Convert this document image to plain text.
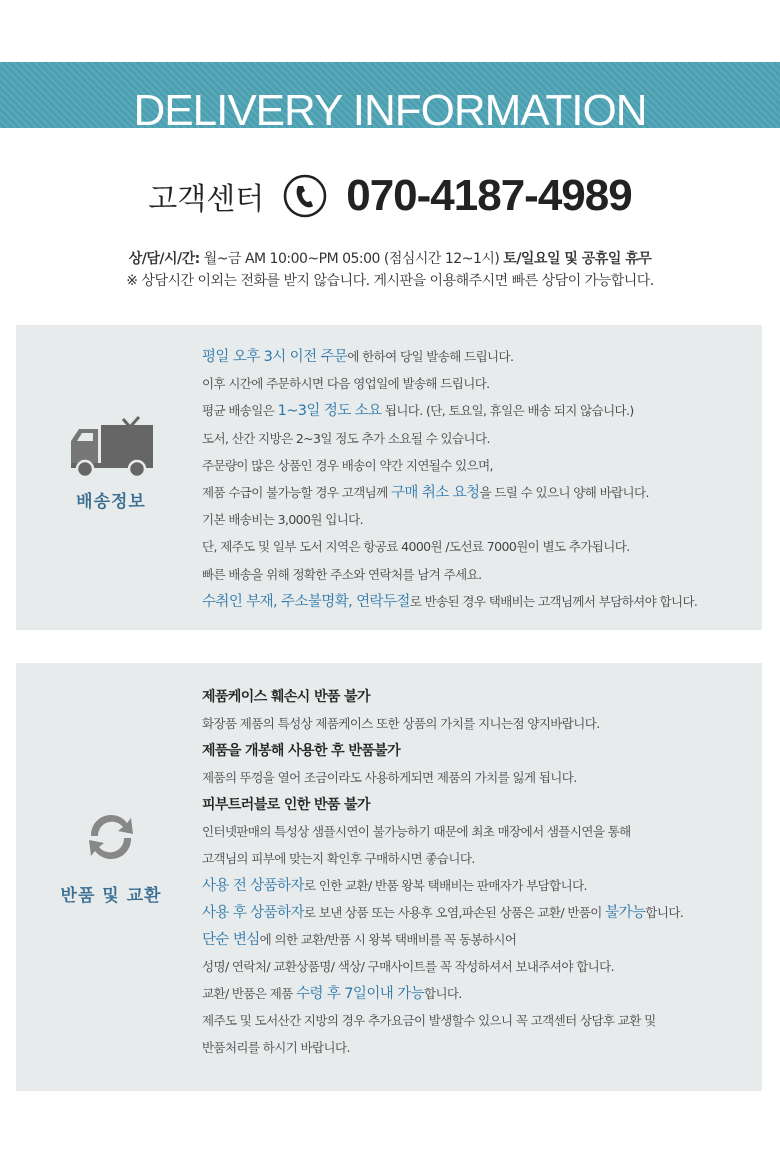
DELIVERY INFORMATION
고객센터 070-4187-4989
상/담/시/간: 월~금 AM 10:00~PM 05:00 (점심시간 12~1시) 토/일요일 및 공휴일 휴무
※ 상담시간 이외는 전화를 받지 않습니다. 게시판을 이용해주시면 빠른 상담이 가능합니다.
배송정보
평일 오후 3시 이전 주문에 한하여 당일 발송해 드립니다.
이후 시간에 주문하시면 다음 영업일에 발송해 드립니다.
평균 배송일은 1~3일 정도 소요 됩니다. (단, 토요일, 휴일은 배송 되지 않습니다.)
도서, 산간 지방은 2~3일 정도 추가 소요될 수 있습니다.
주문량이 많은 상품인 경우 배송이 약간 지연될수 있으며,
제품 수급이 불가능할 경우 고객님께 구매 취소 요청을 드릴 수 있으니 양해 바랍니다.
기본 배송비는 3,000원 입니다.
단, 제주도 및 일부 도서 지역은 항공료 4000원 /도선료 7000원이 별도 추가됩니다.
빠른 배송을 위해 정확한 주소와 연락처를 남겨 주세요.
수취인 부재, 주소불명확, 연락두절로 반송된 경우 택배비는 고객님께서 부담하셔야 합니다.
반품 및 교환
제품케이스 훼손시 반품 불가
화장품 제품의 특성상 제품케이스 또한 상품의 가치를 지니는점 양지바랍니다.
제품을 개봉해 사용한 후 반품불가
제품의 뚜껑을 열어 조금이라도 사용하게되면 제품의 가치를 잃게 됩니다.
피부트러블로 인한 반품 불가
인터넷판매의 특성상 샘플시연이 불가능하기 때문에 최초 매장에서 샘플시연을 통해
고객님의 피부에 맞는지 확인후 구매하시면 좋습니다.
사용 전 상품하자로 인한 교환/ 반품 왕복 택배비는 판매자가 부담합니다.
사용 후 상품하자로 보낸 상품 또는 사용후 오염,파손된 상품은 교환/ 반품이 불가능합니다.
단순 변심에 의한 교환/반품 시 왕복 택배비를 꼭 동봉하시어
성명/ 연락처/ 교환상품명/ 색상/ 구매사이트를 꼭 작성하셔서 보내주셔야 합니다.
교환/ 반품은 제품 수령 후 7일이내 가능합니다.
제주도 및 도서산간 지방의 경우 추가요금이 발생할수 있으니 꼭 고객센터 상담후 교환 및
반품처리를 하시기 바랍니다.
